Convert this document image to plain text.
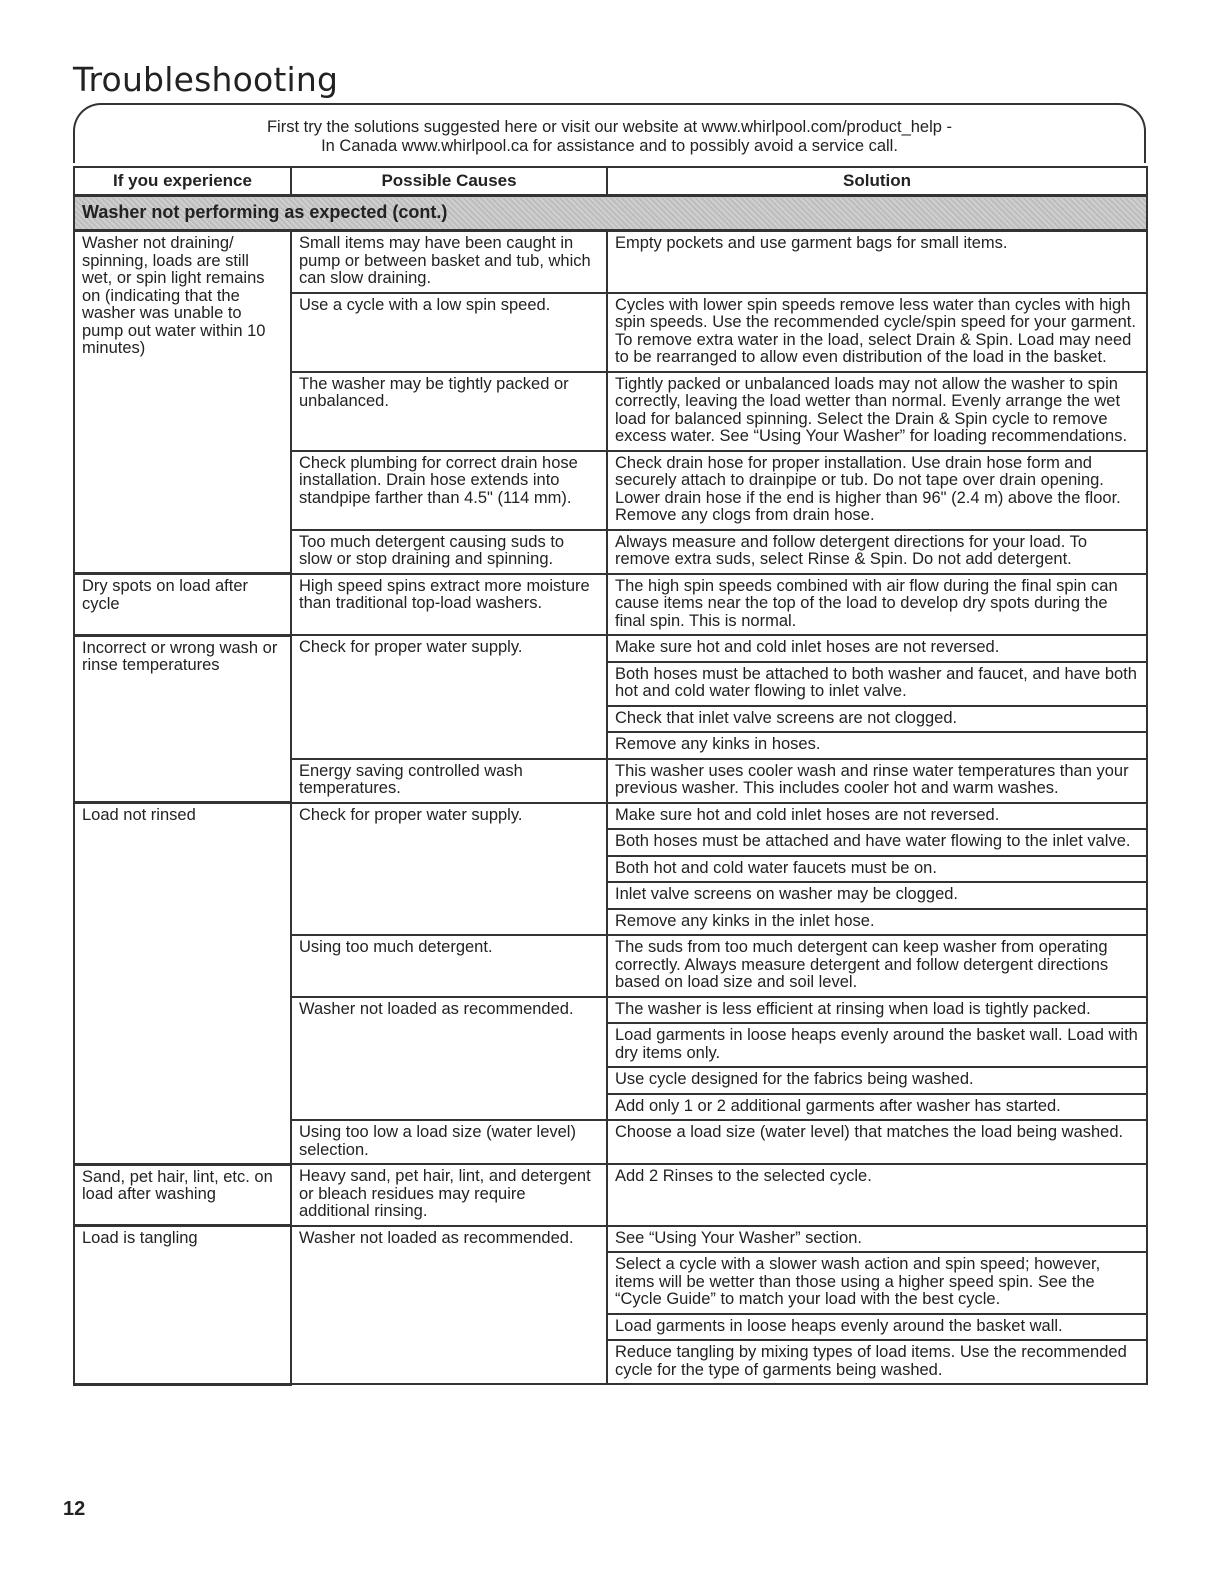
Troubleshooting
First try the solutions suggested here or visit our website at www.whirlpool.com/product_help -
In Canada www.whirlpool.ca for assistance and to possibly avoid a service call.
If you experience	Possible Causes	Solution
Washer not performing as expected (cont.)		
Washer not draining/ spinning, loads are still wet, or spin light remains on (indicating that the washer was unable to pump out water within 10 minutes)	Small items may have been caught in pump or between basket and tub, which can slow draining.	Empty pockets and use garment bags for small items.
	Use a cycle with a low spin speed.	Cycles with lower spin speeds remove less water than cycles with high spin speeds. Use the recommended cycle/spin speed for your garment. To remove extra water in the load, select Drain & Spin. Load may need to be rearranged to allow even distribution of the load in the basket.
	The washer may be tightly packed or unbalanced.	Tightly packed or unbalanced loads may not allow the washer to spin correctly, leaving the load wetter than normal. Evenly arrange the wet load for balanced spinning. Select the Drain & Spin cycle to remove excess water. See “Using Your Washer” for loading recommendations.
	Check plumbing for correct drain hose installation. Drain hose extends into standpipe farther than 4.5" (114 mm).	Check drain hose for proper installation. Use drain hose form and securely attach to drainpipe or tub. Do not tape over drain opening. Lower drain hose if the end is higher than 96" (2.4 m) above the floor. Remove any clogs from drain hose.
	Too much detergent causing suds to slow or stop draining and spinning.	Always measure and follow detergent directions for your load. To remove extra suds, select Rinse & Spin. Do not add detergent.
Dry spots on load after cycle	High speed spins extract more moisture than traditional top-load washers.	The high spin speeds combined with air flow during the final spin can cause items near the top of the load to develop dry spots during the final spin. This is normal.
Incorrect or wrong wash or rinse temperatures	Check for proper water supply.	Make sure hot and cold inlet hoses are not reversed.
		Both hoses must be attached to both washer and faucet, and have both hot and cold water flowing to inlet valve.
		Check that inlet valve screens are not clogged.
		Remove any kinks in hoses.
	Energy saving controlled wash temperatures.	This washer uses cooler wash and rinse water temperatures than your previous washer. This includes cooler hot and warm washes.
Load not rinsed	Check for proper water supply.	Make sure hot and cold inlet hoses are not reversed.
		Both hoses must be attached and have water flowing to the inlet valve.
		Both hot and cold water faucets must be on.
		Inlet valve screens on washer may be clogged.
		Remove any kinks in the inlet hose.
	Using too much detergent.	The suds from too much detergent can keep washer from operating correctly. Always measure detergent and follow detergent directions based on load size and soil level.
	Washer not loaded as recommended.	The washer is less efficient at rinsing when load is tightly packed.
		Load garments in loose heaps evenly around the basket wall. Load with dry items only.
		Use cycle designed for the fabrics being washed.
		Add only 1 or 2 additional garments after washer has started.
	Using too low a load size (water level) selection.	Choose a load size (water level) that matches the load being washed.
Sand, pet hair, lint, etc. on load after washing	Heavy sand, pet hair, lint, and detergent or bleach residues may require additional rinsing.	Add 2 Rinses to the selected cycle.
Load is tangling	Washer not loaded as recommended.	See “Using Your Washer” section.
		Select a cycle with a slower wash action and spin speed; however, items will be wetter than those using a higher speed spin. See the “Cycle Guide” to match your load with the best cycle.
		Load garments in loose heaps evenly around the basket wall.
		Reduce tangling by mixing types of load items. Use the recommended cycle for the type of garments being washed.
12
